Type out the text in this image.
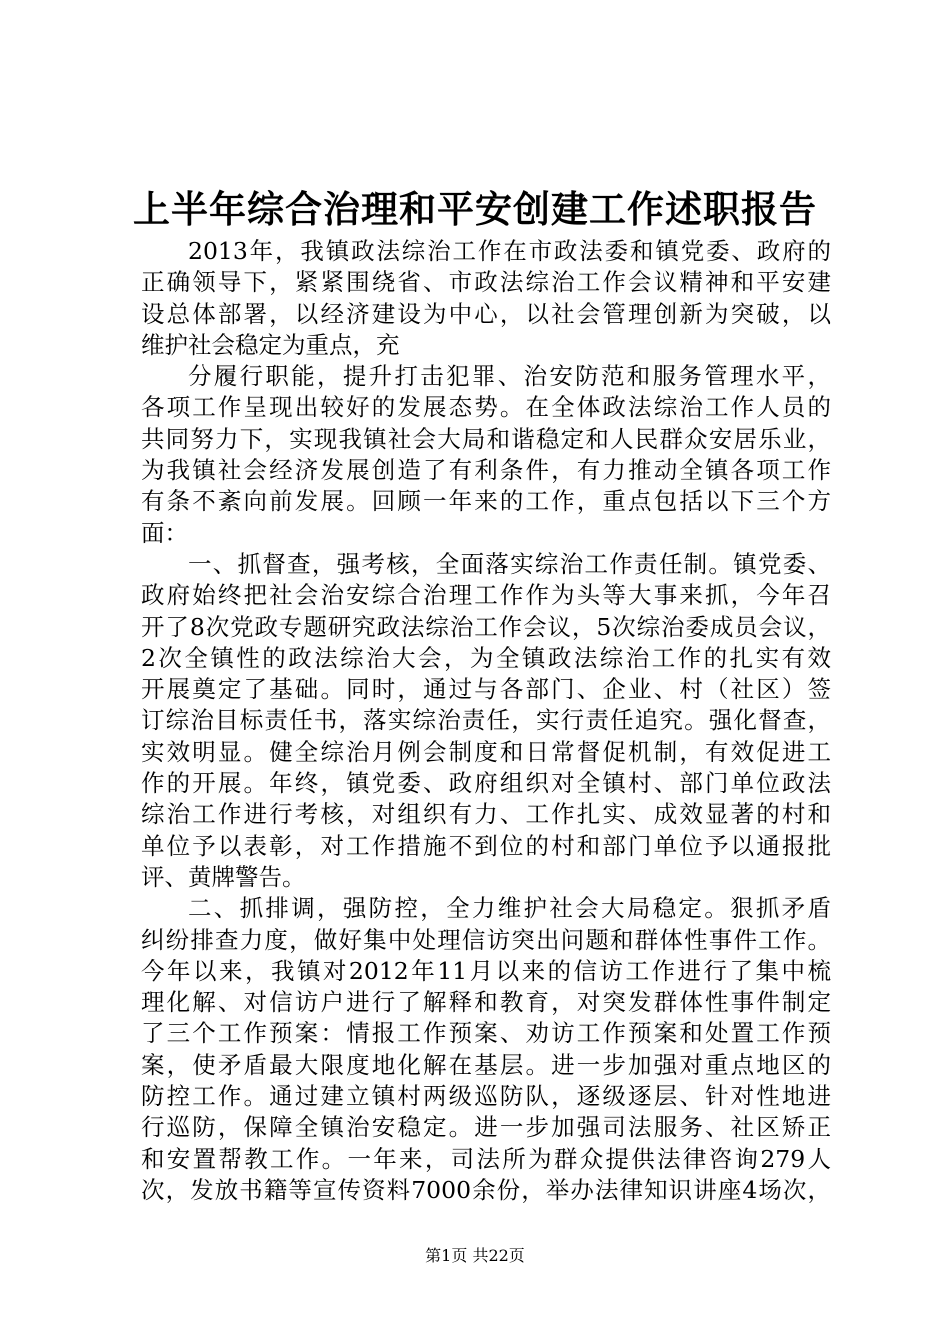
上半年综合治理和平安创建工作述职报告
2013年，我镇政法综治工作在市政法委和镇党委、政府的
正确领导下，紧紧围绕省、市政法综治工作会议精神和平安建
设总体部署，以经济建设为中心，以社会管理创新为突破，以
维护社会稳定为重点，充
分履行职能，提升打击犯罪、治安防范和服务管理水平，
各项工作呈现出较好的发展态势。在全体政法综治工作人员的
共同努力下，实现我镇社会大局和谐稳定和人民群众安居乐业，
为我镇社会经济发展创造了有利条件，有力推动全镇各项工作
有条不紊向前发展。回顾一年来的工作，重点包括以下三个方
面：
一、抓督查，强考核，全面落实综治工作责任制。镇党委、
政府始终把社会治安综合治理工作作为头等大事来抓，今年召
开了8次党政专题研究政法综治工作会议，5次综治委成员会议，
2次全镇性的政法综治大会，为全镇政法综治工作的扎实有效
开展奠定了基础。同时，通过与各部门、企业、村（社区）签
订综治目标责任书，落实综治责任，实行责任追究。强化督查，
实效明显。健全综治月例会制度和日常督促机制，有效促进工
作的开展。年终，镇党委、政府组织对全镇村、部门单位政法
综治工作进行考核，对组织有力、工作扎实、成效显著的村和
单位予以表彰，对工作措施不到位的村和部门单位予以通报批
评、黄牌警告。
二、抓排调，强防控，全力维护社会大局稳定。狠抓矛盾
纠纷排查力度，做好集中处理信访突出问题和群体性事件工作。
今年以来，我镇对2012年11月以来的信访工作进行了集中梳
理化解、对信访户进行了解释和教育，对突发群体性事件制定
了三个工作预案：情报工作预案、劝访工作预案和处置工作预
案，使矛盾最大限度地化解在基层。进一步加强对重点地区的
防控工作。通过建立镇村两级巡防队，逐级逐层、针对性地进
行巡防，保障全镇治安稳定。进一步加强司法服务、社区矫正
和安置帮教工作。一年来，司法所为群众提供法律咨询279人
次，发放书籍等宣传资料7000余份，举办法律知识讲座4场次，
第1页 共22页
